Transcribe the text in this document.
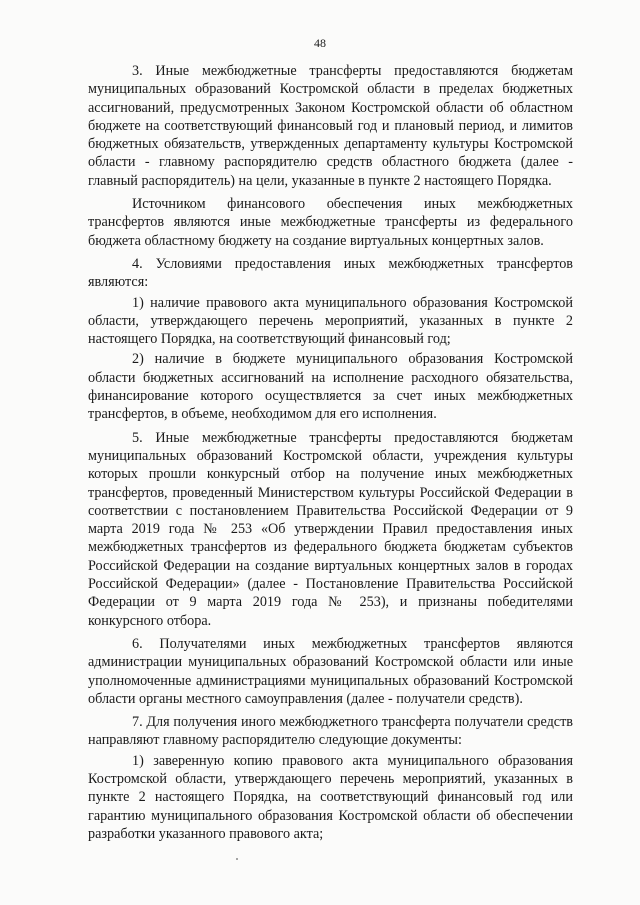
48

3. Иные межбюджетные трансферты предоставляются бюджетам муниципальных образований Костромской области в пределах бюджетных ассигнований, предусмотренных Законом Костромской области об областном бюджете на соответствующий финансовый год и плановый период, и лимитов бюджетных обязательств, утвержденных департаменту культуры Костромской области - главному распорядителю средств областного бюджета (далее - главный распорядитель) на цели, указанные в пункте 2 настоящего Порядка.

Источником финансового обеспечения иных межбюджетных трансфертов являются иные межбюджетные трансферты из федерального бюджета областному бюджету на создание виртуальных концертных залов.

4. Условиями предоставления иных межбюджетных трансфертов являются:

1) наличие правового акта муниципального образования Костромской области, утверждающего перечень мероприятий, указанных в пункте 2 настоящего Порядка, на соответствующий финансовый год;

2) наличие в бюджете муниципального образования Костромской области бюджетных ассигнований на исполнение расходного обязательства, финансирование которого осуществляется за счет иных межбюджетных трансфертов, в объеме, необходимом для его исполнения.

5. Иные межбюджетные трансферты предоставляются бюджетам муниципальных образований Костромской области, учреждения культуры которых прошли конкурсный отбор на получение иных межбюджетных трансфертов, проведенный Министерством культуры Российской Федерации в соответствии с постановлением Правительства Российской Федерации от 9 марта 2019 года № 253 «Об утверждении Правил предоставления иных межбюджетных трансфертов из федерального бюджета бюджетам субъектов Российской Федерации на создание виртуальных концертных залов в городах Российской Федерации» (далее - Постановление Правительства Российской Федерации от 9 марта 2019 года № 253), и признаны победителями конкурсного отбора.

6. Получателями иных межбюджетных трансфертов являются администрации муниципальных образований Костромской области или иные уполномоченные администрациями муниципальных образований Костромской области органы местного самоуправления (далее - получатели средств).

7. Для получения иного межбюджетного трансферта получатели средств направляют главному распорядителю следующие документы:

1) заверенную копию правового акта муниципального образования Костромской области, утверждающего перечень мероприятий, указанных в пункте 2 настоящего Порядка, на соответствующий финансовый год или гарантию муниципального образования Костромской области об обеспечении разработки указанного правового акта;
